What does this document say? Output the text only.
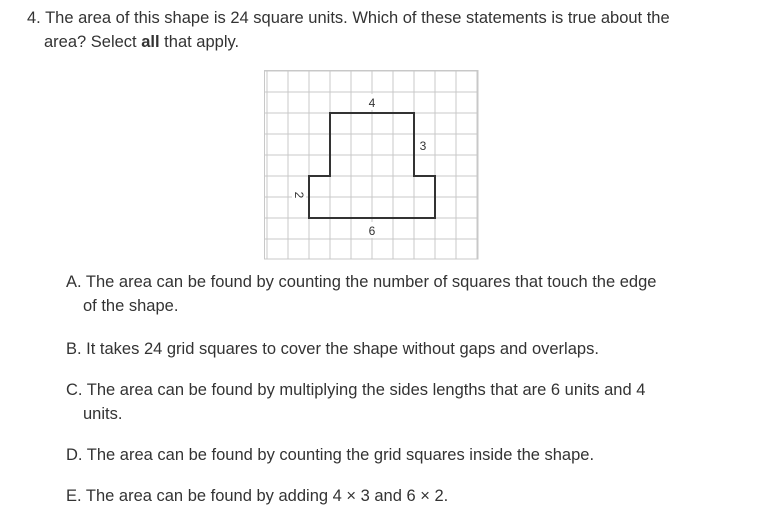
4. The area of this shape is 24 square units. Which of these statements is true about the
area? Select all that apply.
4
3
2
6
A. The area can be found by counting the number of squares that touch the edge
of the shape.
B. It takes 24 grid squares to cover the shape without gaps and overlaps.
C. The area can be found by multiplying the sides lengths that are 6 units and 4
units.
D. The area can be found by counting the grid squares inside the shape.
E. The area can be found by adding 4 × 3 and 6 × 2.
